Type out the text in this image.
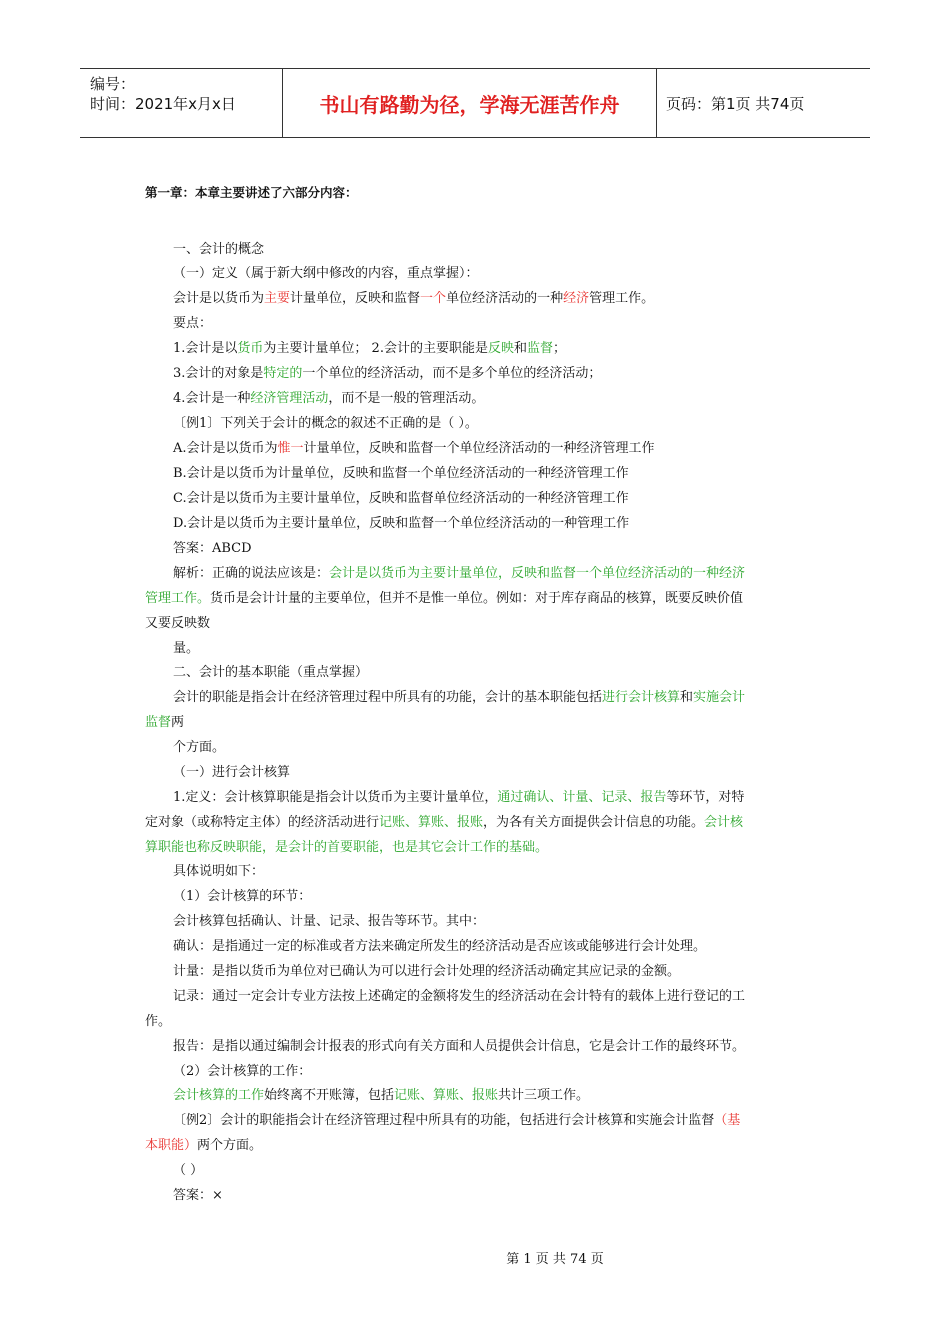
编号：
时间：2021年x月x日	书山有路勤为径，学海无涯苦作舟	页码：第1页 共74页
第一章：本章主要讲述了六部分内容：
一、会计的概念
（一）定义（属于新大纲中修改的内容，重点掌握）：
会计是以货币为主要计量单位，反映和监督一个单位经济活动的一种经济管理工作。
要点：
1.会计是以货币为主要计量单位； 2.会计的主要职能是反映和监督；
3.会计的对象是特定的一个单位的经济活动，而不是多个单位的经济活动；
4.会计是一种经济管理活动，而不是一般的管理活动。
〔例1〕下列关于会计的概念的叙述不正确的是（ ）。
A.会计是以货币为惟一计量单位，反映和监督一个单位经济活动的一种经济管理工作
B.会计是以货币为计量单位，反映和监督一个单位经济活动的一种经济管理工作
C.会计是以货币为主要计量单位，反映和监督单位经济活动的一种经济管理工作
D.会计是以货币为主要计量单位，反映和监督一个单位经济活动的一种管理工作
答案：ABCD
解析：正确的说法应该是：会计是以货币为主要计量单位，反映和监督一个单位经济活动的一种经济
管理工作。货币是会计计量的主要单位，但并不是惟一单位。例如：对于库存商品的核算，既要反映价值
又要反映数
量。
二、会计的基本职能（重点掌握）
会计的职能是指会计在经济管理过程中所具有的功能，会计的基本职能包括进行会计核算和实施会计
监督两
个方面。
（一）进行会计核算
1.定义：会计核算职能是指会计以货币为主要计量单位，通过确认、计量、记录、报告等环节，对特
定对象（或称特定主体）的经济活动进行记账、算账、报账，为各有关方面提供会计信息的功能。会计核
算职能也称反映职能，是会计的首要职能，也是其它会计工作的基础。
具体说明如下：
（1）会计核算的环节：
会计核算包括确认、计量、记录、报告等环节。其中：
确认：是指通过一定的标准或者方法来确定所发生的经济活动是否应该或能够进行会计处理。
计量：是指以货币为单位对已确认为可以进行会计处理的经济活动确定其应记录的金额。
记录：通过一定会计专业方法按上述确定的金额将发生的经济活动在会计特有的载体上进行登记的工
作。
报告：是指以通过编制会计报表的形式向有关方面和人员提供会计信息，它是会计工作的最终环节。
（2）会计核算的工作：
会计核算的工作始终离不开账簿，包括记账、算账、报账共计三项工作。
〔例2〕会计的职能指会计在经济管理过程中所具有的功能，包括进行会计核算和实施会计监督（基
本职能）两个方面。
（ ）
答案：×
第 1 页 共 74 页
